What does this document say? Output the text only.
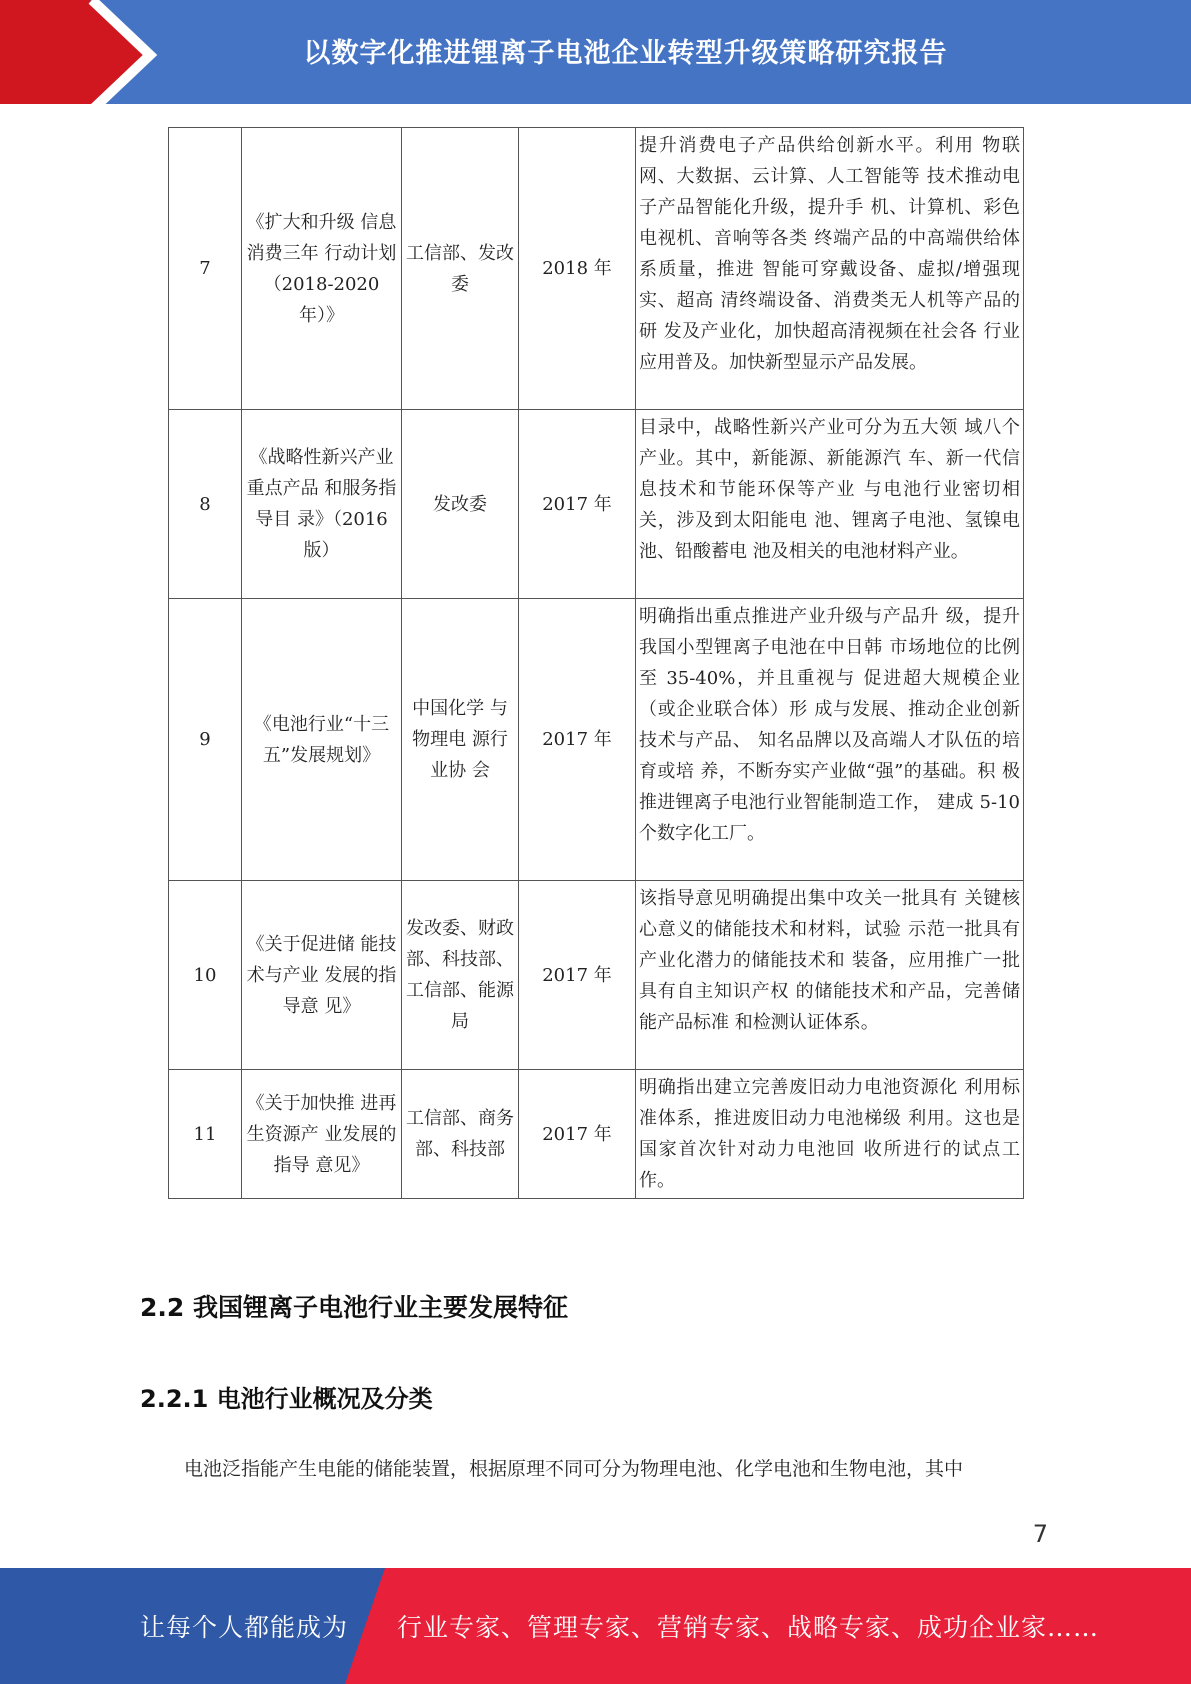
以数字化推进锂离子电池企业转型升级策略研究报告
7	《扩大和升级 信息消费三年 行动计划 （2018-2020 年）》	工信部、发改委	2018 年	提升消费电子产品供给创新水平。利用 物联网、大数据、云计算、人工智能等 技术推动电子产品智能化升级，提升手 机、计算机、彩色电视机、音响等各类 终端产品的中高端供给体系质量，推进 智能可穿戴设备、虚拟/增强现实、超高 清终端设备、消费类无人机等产品的研 发及产业化，加快超高清视频在社会各 行业应用普及。加快新型显示产品发展。
8	《战略性新兴产业重点产品 和服务指导目 录》（2016 版）	发改委	2017 年	目录中，战略性新兴产业可分为五大领 域八个产业。其中，新能源、新能源汽 车、新一代信息技术和节能环保等产业 与电池行业密切相关，涉及到太阳能电 池、锂离子电池、氢镍电池、铅酸蓄电 池及相关的电池材料产业。
9	《电池行业“十三五”发展规划》	中国化学 与物理电 源行业协 会	2017 年	明确指出重点推进产业升级与产品升 级，提升我国小型锂离子电池在中日韩 市场地位的比例至 35-40%，并且重视与 促进超大规模企业（或企业联合体）形 成与发展、推动企业创新技术与产品、 知名品牌以及高端人才队伍的培育或培 养，不断夯实产业做“强”的基础。积 极推进锂离子电池行业智能制造工作， 建成 5-10 个数字化工厂。
10	《关于促进储 能技术与产业 发展的指导意 见》	发改委、财政部、科技部、工信部、能源局	2017 年	该指导意见明确提出集中攻关一批具有 关键核心意义的储能技术和材料，试验 示范一批具有产业化潜力的储能技术和 装备，应用推广一批具有自主知识产权 的储能技术和产品，完善储能产品标准 和检测认证体系。
11	《关于加快推 进再生资源产 业发展的指导 意见》	工信部、商务部、科技部	2017 年	明确指出建立完善废旧动力电池资源化 利用标准体系，推进废旧动力电池梯级 利用。这也是国家首次针对动力电池回 收所进行的试点工作。
2.2 我国锂离子电池行业主要发展特征
2.2.1 电池行业概况及分类
电池泛指能产生电能的储能装置，根据原理不同可分为物理电池、化学电池和生物电池，其中
7
让每个人都能成为 行业专家、管理专家、营销专家、战略专家、成功企业家……
